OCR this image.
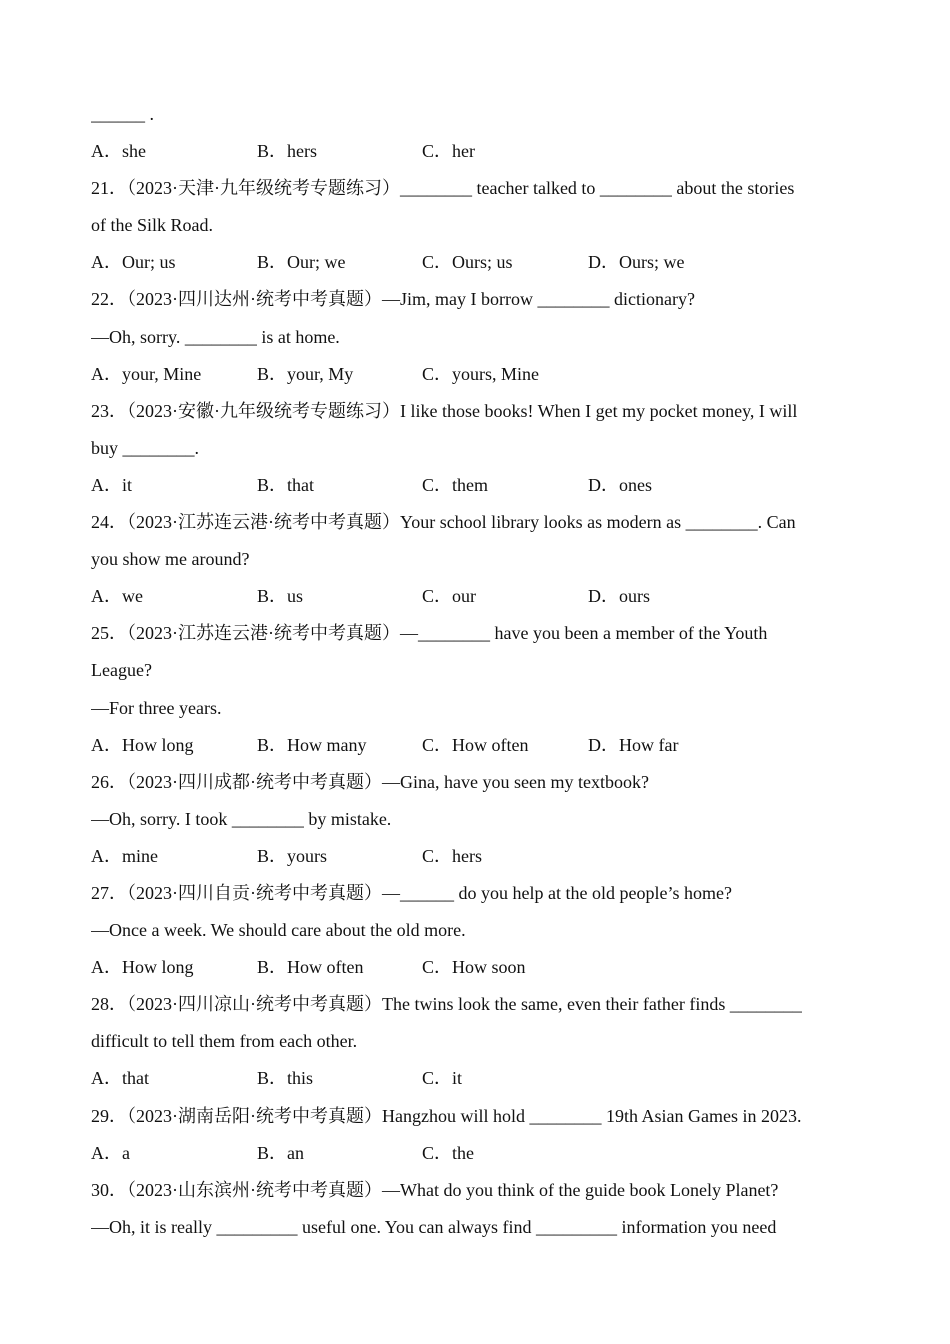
______ .
A．she	B．hers	C．her
21．（2023·天津·九年级统考专题练习）________ teacher talked to ________ about the stories
of the Silk Road.
A．Our; us	B．Our; we	C．Ours; us	D．Ours; we
22．（2023·四川达州·统考中考真题）—Jim, may I borrow ________ dictionary?
—Oh, sorry. ________ is at home.
A．your, Mine	B．your, My	C．yours, Mine
23．（2023·安徽·九年级统考专题练习）I like those books! When I get my pocket money, I will
buy ________.
A．it	B．that	C．them	D．ones
24．（2023·江苏连云港·统考中考真题）Your school library looks as modern as ________. Can
you show me around?
A．we	B．us	C．our	D．ours
25．（2023·江苏连云港·统考中考真题）—________ have you been a member of the Youth
League?
—For three years.
A．How long	B．How many	C．How often	D．How far
26．（2023·四川成都·统考中考真题）—Gina, have you seen my textbook?
—Oh, sorry. I took ________ by mistake.
A．mine	B．yours	C．hers
27．（2023·四川自贡·统考中考真题）—______ do you help at the old people’s home?
—Once a week. We should care about the old more.
A．How long	B．How often	C．How soon
28．（2023·四川凉山·统考中考真题）The twins look the same, even their father finds ________
difficult to tell them from each other.
A．that	B．this	C．it
29．（2023·湖南岳阳·统考中考真题）Hangzhou will hold ________ 19th Asian Games in 2023.
A．a	B．an	C．the
30．（2023·山东滨州·统考中考真题）—What do you think of the guide book Lonely Planet?
—Oh, it is really _________ useful one. You can always find _________ information you need
